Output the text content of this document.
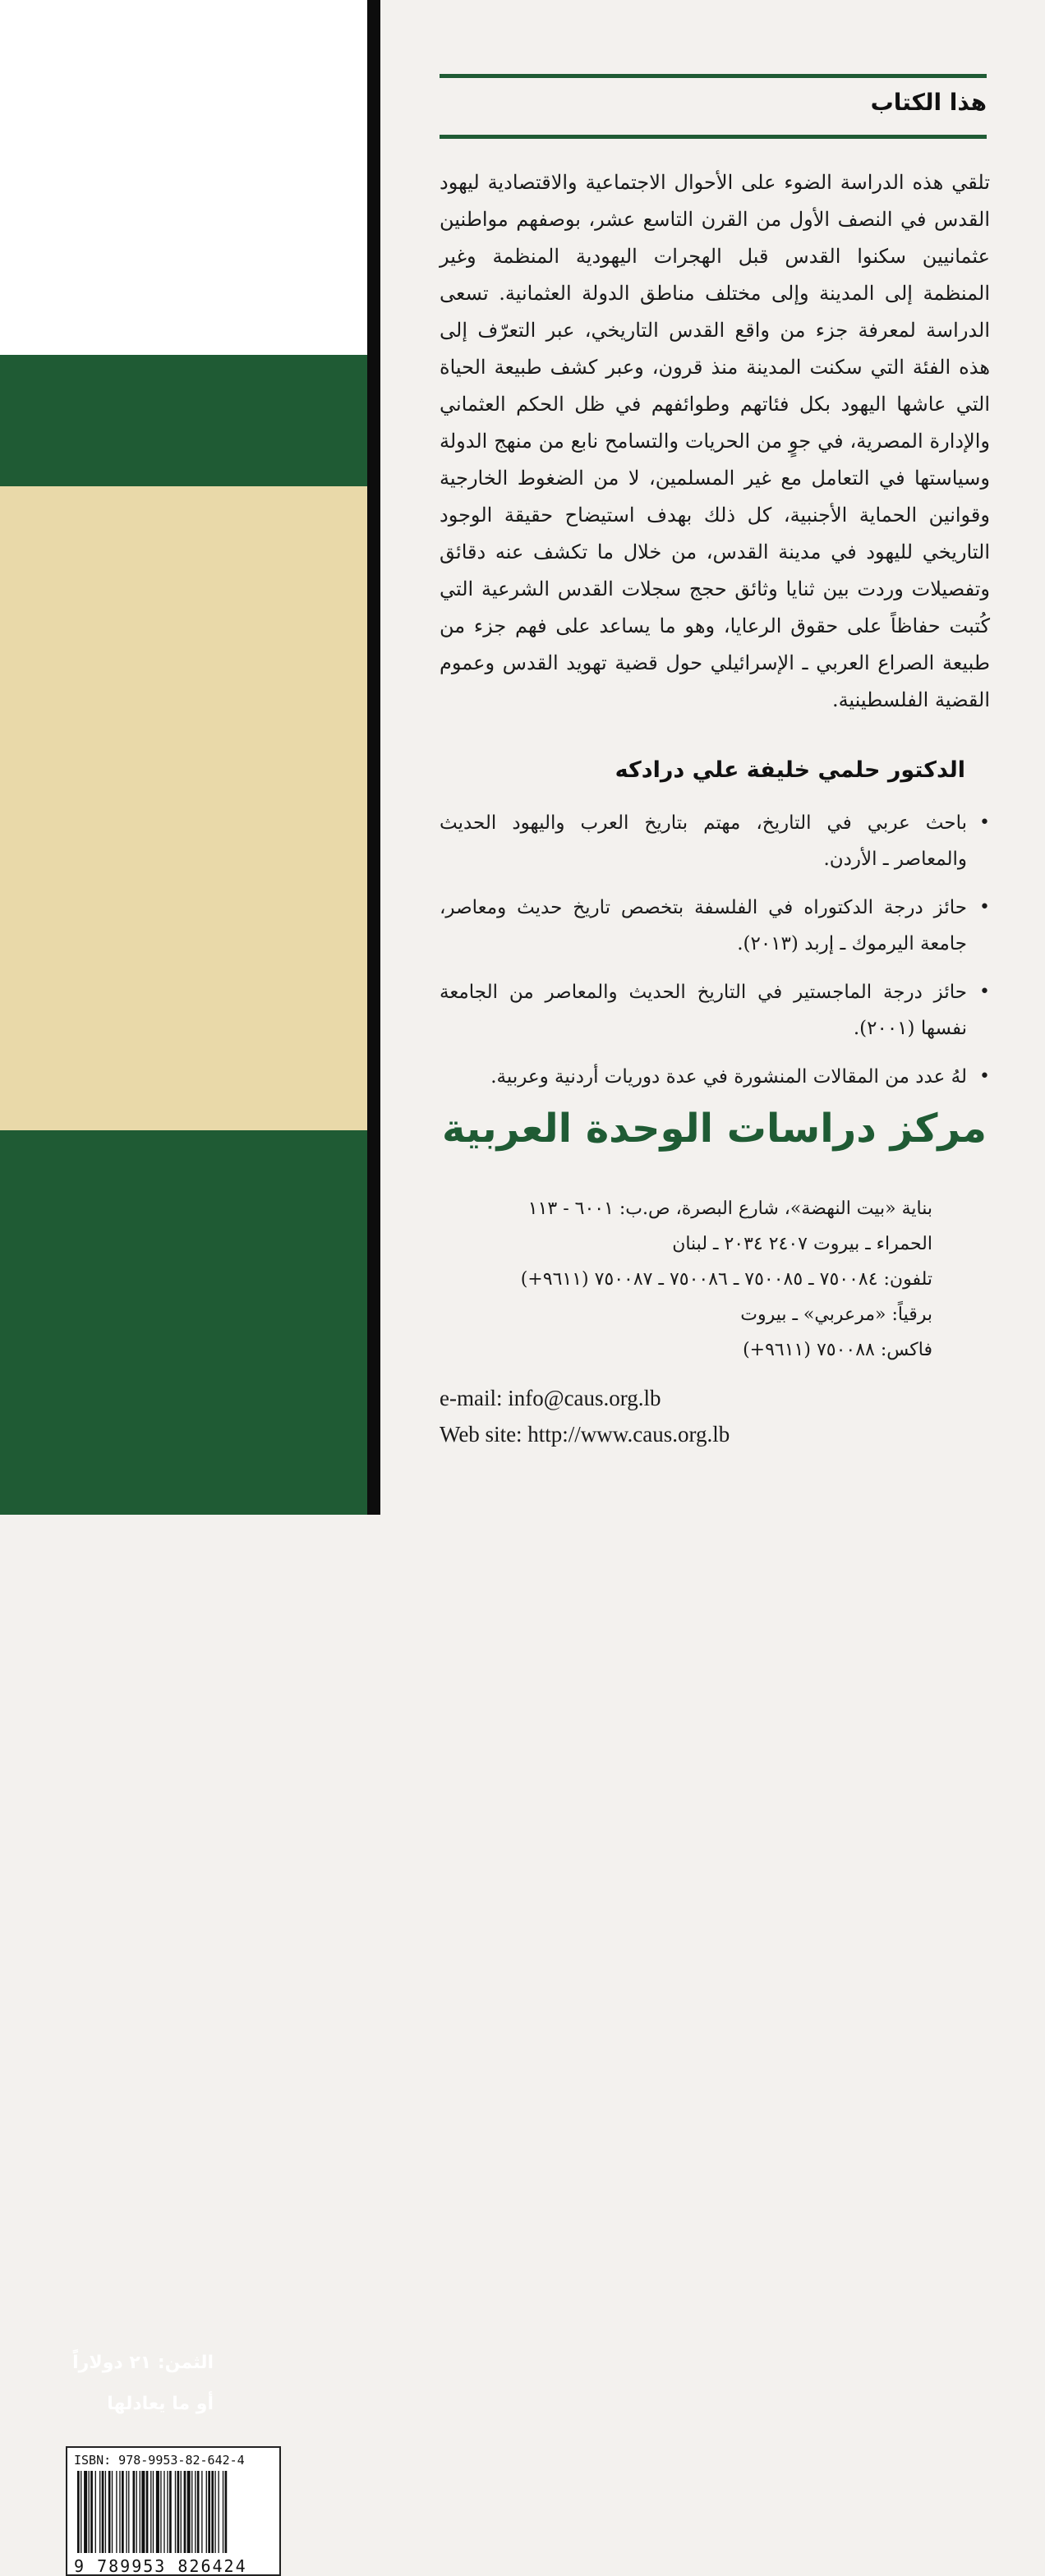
الثمن: ٢١ دولاراً
أو ما يعادلها
ISBN: 978-9953-82-642-4
9 789953 826424
هذا الكتاب

تلقي هذه الدراسة الضوء على الأحوال الاجتماعية والاقتصادية ليهود القدس في النصف الأول من القرن التاسع عشر، بوصفهم مواطنين عثمانيين سكنوا القدس قبل الهجرات اليهودية المنظمة وغير المنظمة إلى المدينة وإلى مختلف مناطق الدولة العثمانية. تسعى الدراسة لمعرفة جزء من واقع القدس التاريخي، عبر التعرّف إلى هذه الفئة التي سكنت المدينة منذ قرون، وعبر كشف طبيعة الحياة التي عاشها اليهود بكل فئاتهم وطوائفهم في ظل الحكم العثماني والإدارة المصرية، في جوٍ من الحريات والتسامح نابع من منهج الدولة وسياستها في التعامل مع غير المسلمين، لا من الضغوط الخارجية وقوانين الحماية الأجنبية، كل ذلك بهدف استيضاح حقيقة الوجود التاريخي لليهود في مدينة القدس، من خلال ما تكشف عنه دقائق وتفصيلات وردت بين ثنايا وثائق حجج سجلات القدس الشرعية التي كُتبت حفاظاً على حقوق الرعايا، وهو ما يساعد على فهم جزء من طبيعة الصراع العربي ـ الإسرائيلي حول قضية تهويد القدس وعموم القضية الفلسطينية.

الدكتور حلمي خليفة علي درادكه
•
باحث عربي في التاريخ، مهتم بتاريخ العرب واليهود الحديث والمعاصر ـ الأردن.
•
حائز درجة الدكتوراه في الفلسفة بتخصص تاريخ حديث ومعاصر، جامعة اليرموك ـ إربد (٢٠١٣).
•
حائز درجة الماجستير في التاريخ الحديث والمعاصر من الجامعة نفسها (٢٠٠١).
•
لهُ عدد من المقالات المنشورة في عدة دوريات أردنية وعربية.
مركز دراسات الوحدة العربية
بناية «بيت النهضة»، شارع البصرة، ص.ب: ٦٠٠١ - ١١٣
الحمراء ـ بيروت ٢٤٠٧ ٢٠٣٤ ـ لبنان
تلفون: ٧٥٠٠٨٤ ـ ٧٥٠٠٨٥ ـ ٧٥٠٠٨٦ ـ ٧٥٠٠٨٧ (٩٦١١+)
برقياً: «مرعربي» ـ بيروت
فاكس: ٧٥٠٠٨٨ (٩٦١١+)
e-mail: info@caus.org.lb
Web site: http://www.caus.org.lb
